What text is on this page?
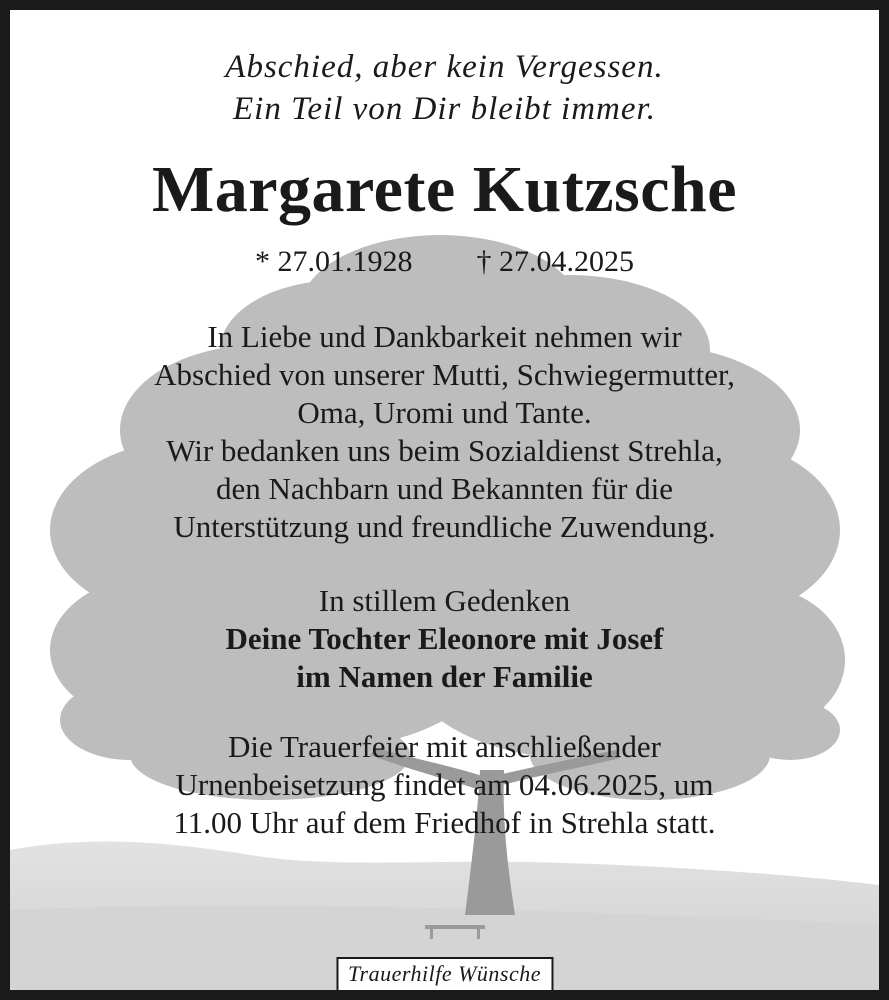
Abschied, aber kein Vergessen.
Ein Teil von Dir bleibt immer.
Margarete Kutzsche
* 27.01.1928 † 27.04.2025
In Liebe und Dankbarkeit nehmen wir
Abschied von unserer Mutti, Schwiegermutter,
Oma, Uromi und Tante.
Wir bedanken uns beim Sozialdienst Strehla,
den Nachbarn und Bekannten für die
Unterstützung und freundliche Zuwendung.
In stillem Gedenken
Deine Tochter Eleonore mit Josef
im Namen der Familie
Die Trauerfeier mit anschließender
Urnenbeisetzung findet am 04.06.2025, um
11.00 Uhr auf dem Friedhof in Strehla statt.
Trauerhilfe Wünsche
